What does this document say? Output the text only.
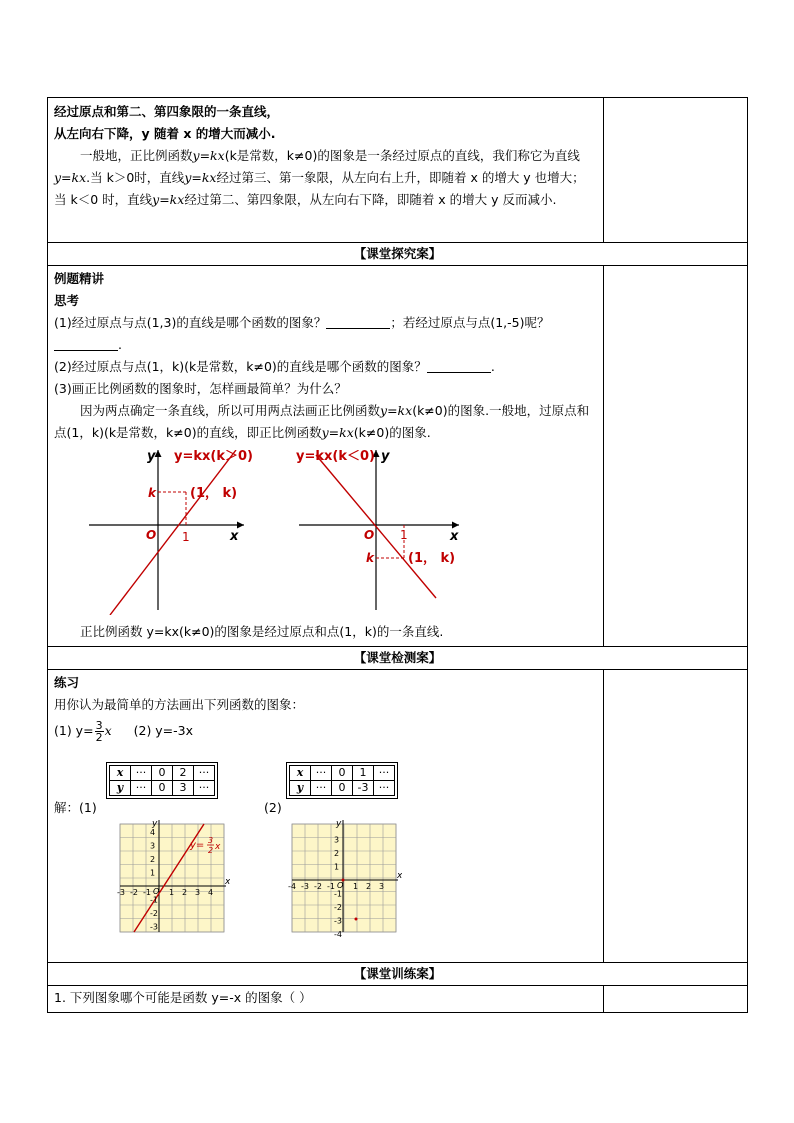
经过原点和第二、第四象限的一条直线，
从左向右下降，y 随着 x 的增大而减小.
一般地，正比例函数y=kx(k是常数，k≠0)的图象是一条经过原点的直线，我们称它为直线y=kx.当 k＞0时，直线y=kx经过第三、第一象限，从左向右上升，即随着 x 的增大 y 也增大；当 k＜0 时，直线y=kx经过第二、第四象限，从左向右下降，即随着 x 的增大 y 反而减小.

【课堂探究案】

例题精讲
思考
(1)经过原点与点(1,3)的直线是哪个函数的图象？	；若经过原点与点(1,-5)呢？
.
(2)经过原点与点(1，k)(k是常数，k≠0)的直线是哪个函数的图象？	.
(3)画正比例函数的图象时，怎样画最简单？为什么？
因为两点确定一条直线，所以可用两点法画正比例函数y=kx(k≠0)的图象.一般地，过原点和点(1，k)(k是常数，k≠0)的直线，即正比例函数y=kx(k≠0)的图象.
y=kx(k＞0)
y
x
O 1
k	(1， k)
y=kx(k＜0) y
x
O 1
k	(1， k)
正比例函数 y=kx(k≠0)的图象是经过原点和点(1，k)的一条直线.

【课堂检测案】

练习
用你认为最简单的方法画出下列函数的图象：
(1) $y= \frac{3}{2}$ x (2) y=-3x
解：(1)
x	···	0	2	···
y	···	0	3	···
(2)
x	···	0	1	···
y	···	0	-3	···
x
y
O
-3 -2 -1 1 2 3 4
4
3
2
1
-1
-2
-3
y= 3
2 x
x
y
O
-4 -3 -2 -1 1 2 3
3
2
1
-1
-2
-3
-4

【课堂训练案】

1. 下列图象哪个可能是函数 y=-x 的图象（ ）
